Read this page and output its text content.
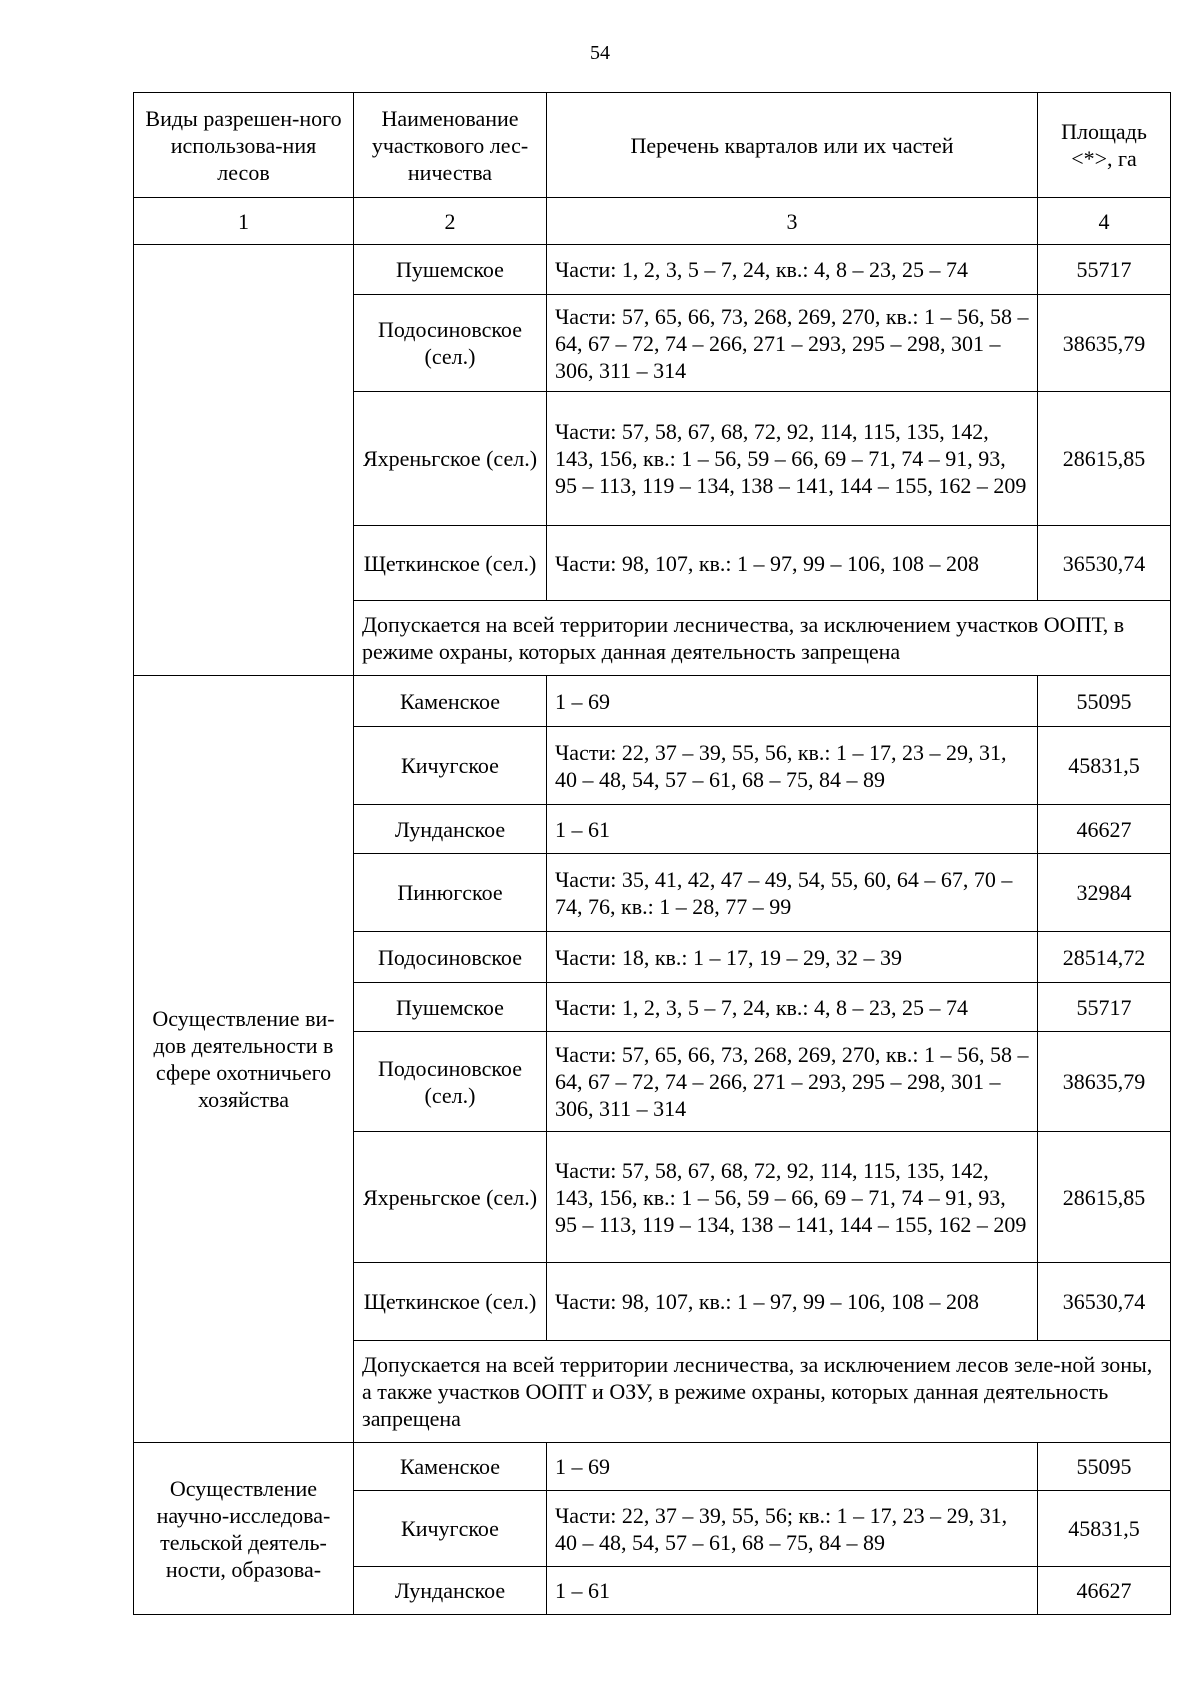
54
Виды разрешен-ного использова-ния лесов	Наименование участкового лес-ничества	Перечень кварталов или их частей	Площадь <*>, га
1	2	3	4
	Пушемское	Части: 1, 2, 3, 5 – 7, 24, кв.: 4, 8 – 23, 25 – 74	55717
	Подосиновское (сел.)	Части: 57, 65, 66, 73, 268, 269, 270, кв.: 1 – 56, 58 – 64, 67 – 72, 74 – 266, 271 – 293, 295 – 298, 301 – 306, 311 – 314	38635,79
	Яхреньгское (сел.)	Части: 57, 58, 67, 68, 72, 92, 114, 115, 135, 142, 143, 156, кв.: 1 – 56, 59 – 66, 69 – 71, 74 – 91, 93, 95 – 113, 119 – 134, 138 – 141, 144 – 155, 162 – 209	28615,85
	Щеткинское (сел.)	Части: 98, 107, кв.: 1 – 97, 99 – 106, 108 – 208	36530,74
	Допускается на всей территории лесничества, за исключением участков ООПТ, в режиме охраны, которых данная деятельность запрещена		
Осуществление ви-дов деятельности в сфере охотничьего хозяйства	Каменское	1 – 69	55095
	Кичугское	Части: 22, 37 – 39, 55, 56, кв.: 1 – 17, 23 – 29, 31, 40 – 48, 54, 57 – 61, 68 – 75, 84 – 89	45831,5
	Лунданское	1 – 61	46627
	Пинюгское	Части: 35, 41, 42, 47 – 49, 54, 55, 60, 64 – 67, 70 – 74, 76, кв.: 1 – 28, 77 – 99	32984
	Подосиновское	Части: 18, кв.: 1 – 17, 19 – 29, 32 – 39	28514,72
	Пушемское	Части: 1, 2, 3, 5 – 7, 24, кв.: 4, 8 – 23, 25 – 74	55717
	Подосиновское (сел.)	Части: 57, 65, 66, 73, 268, 269, 270, кв.: 1 – 56, 58 – 64, 67 – 72, 74 – 266, 271 – 293, 295 – 298, 301 – 306, 311 – 314	38635,79
	Яхреньгское (сел.)	Части: 57, 58, 67, 68, 72, 92, 114, 115, 135, 142, 143, 156, кв.: 1 – 56, 59 – 66, 69 – 71, 74 – 91, 93, 95 – 113, 119 – 134, 138 – 141, 144 – 155, 162 – 209	28615,85
	Щеткинское (сел.)	Части: 98, 107, кв.: 1 – 97, 99 – 106, 108 – 208	36530,74
	Допускается на всей территории лесничества, за исключением лесов зеле-ной зоны, а также участков ООПТ и ОЗУ, в режиме охраны, которых данная деятельность запрещена		
Осуществление научно-исследова-тельской деятель-ности, образова-	Каменское	1 – 69	55095
	Кичугское	Части: 22, 37 – 39, 55, 56; кв.: 1 – 17, 23 – 29, 31, 40 – 48, 54, 57 – 61, 68 – 75, 84 – 89	45831,5
	Лунданское	1 – 61	46627
